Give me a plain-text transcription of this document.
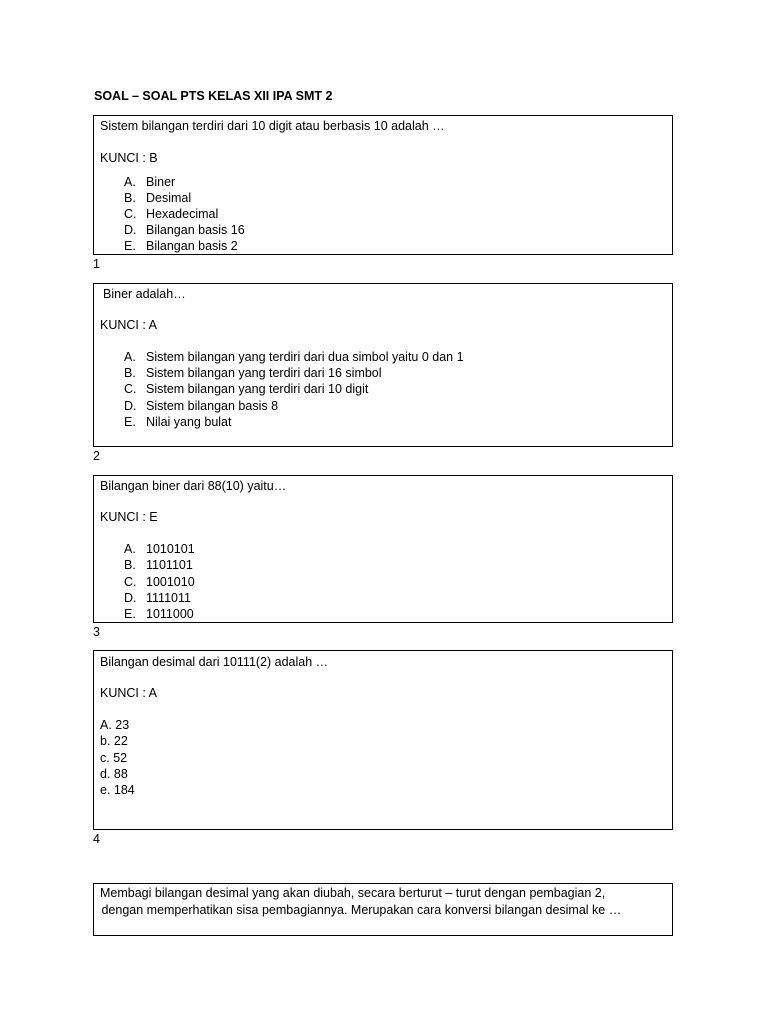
SOAL – SOAL PTS KELAS XII IPA SMT 2
Sistem bilangan terdiri dari 10 digit atau berbasis 10 adalah …
KUNCI : B
A. Biner
B. Desimal
C. Hexadecimal
D. Bilangan basis 16
E. Bilangan basis 2
1
Biner adalah…
KUNCI : A
A. Sistem bilangan yang terdiri dari dua simbol yaitu 0 dan 1
B. Sistem bilangan yang terdiri dari 16 simbol
C. Sistem bilangan yang terdiri dari 10 digit
D. Sistem bilangan basis 8
E. Nilai yang bulat
2
Bilangan biner dari 88(10) yaitu…
KUNCI : E
A. 1010101
B. 1101101
C. 1001010
D. 1111011
E. 1011000
3
Bilangan desimal dari 10111(2) adalah …
KUNCI : A
A. 23
b. 22
c. 52
d. 88
e. 184
4
Membagi bilangan desimal yang akan diubah, secara berturut – turut dengan pembagian 2,
dengan memperhatikan sisa pembagiannya. Merupakan cara konversi bilangan desimal ke …
